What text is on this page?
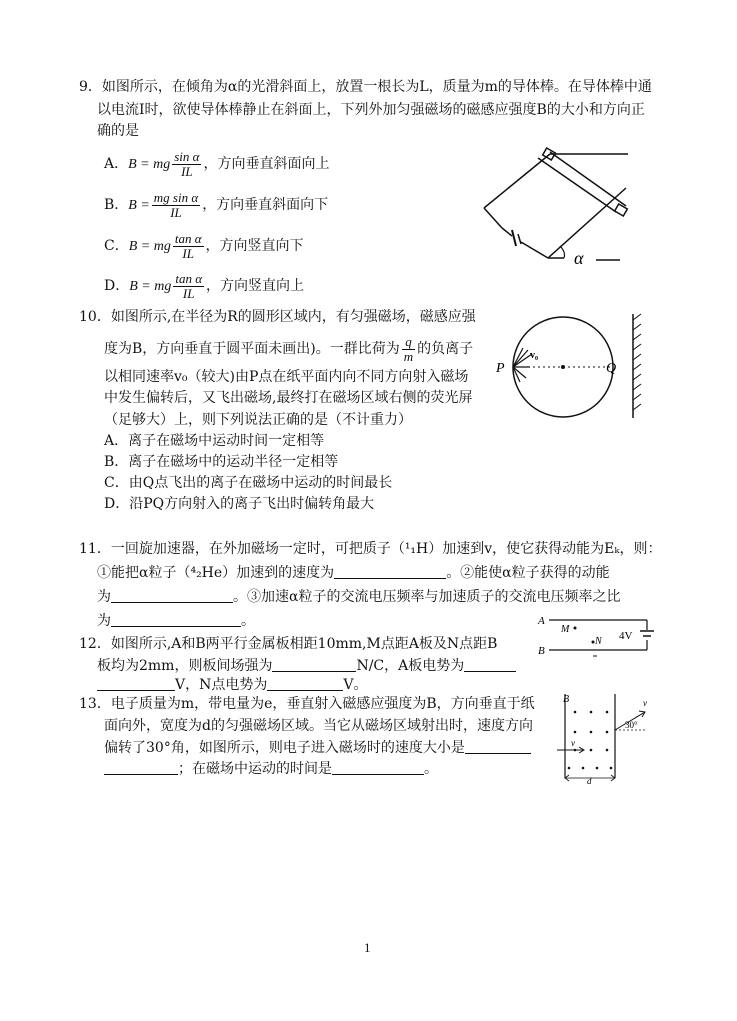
9．如图所示，在倾角为α的光滑斜面上，放置一根长为L，质量为m的导体棒。在导体棒中通
以电流I时，欲使导体棒静止在斜面上，下列外加匀强磁场的磁感应强度B的大小和方向正
确的是
A．B = mg $\frac{\text{sin α}}{IL}$ ，方向垂直斜面向上
B．$B = \frac{\text{mg sin α}}{IL}$ ，方向垂直斜面向下
C．B = mg $\frac{\text{tan α}}{IL}$ ，方向竖直向下
D．B = mg $\frac{\text{tan α}}{IL}$ ，方向竖直向上
α
10．如图所示,在半径为R的圆形区域内，有匀强磁场，磁感应强
度为B，方向垂直于圆平面未画出)。一群比荷为 $\frac{q}{m}$ 的负离子
以相同速率v₀（较大)由P点在纸平面内向不同方向射入磁场
中发生偏转后，又飞出磁场,最终打在磁场区域右侧的荧光屏
（足够大）上，则下列说法正确的是（不计重力）
A．离子在磁场中运动时间一定相等
B．离子在磁场中的运动半径一定相等
C．由Q点飞出的离子在磁场中运动的时间最长
D．沿PQ方向射入的离子飞出时偏转角最大
P	Q
v₀
11．一回旋加速器，在外加磁场一定时，可把质子（¹₁H）加速到v，使它获得动能为Eₖ，则：
①能把α粒子（⁴₂He）加速到的速度为	。②能使α粒子获得的动能
为	。③加速α粒子的交流电压频率与加速质子的交流电压频率之比
为	。
12．如图所示,A和B两平行金属板相距10mm,M点距A板及N点距B
板均为2mm，则板间场强为	N/C，A板电势为
V，N点电势为	V。
A
B
4V
M
N
13．电子质量为m，带电量为e，垂直射入磁感应强度为B，方向垂直于纸
面向外，宽度为d的匀强磁场区域。当它从磁场区域射出时，速度方向
偏转了30°角，如图所示，则电子进入磁场时的速度大小是
；在磁场中运动的时间是	。
B
v
v
30°
d
1
